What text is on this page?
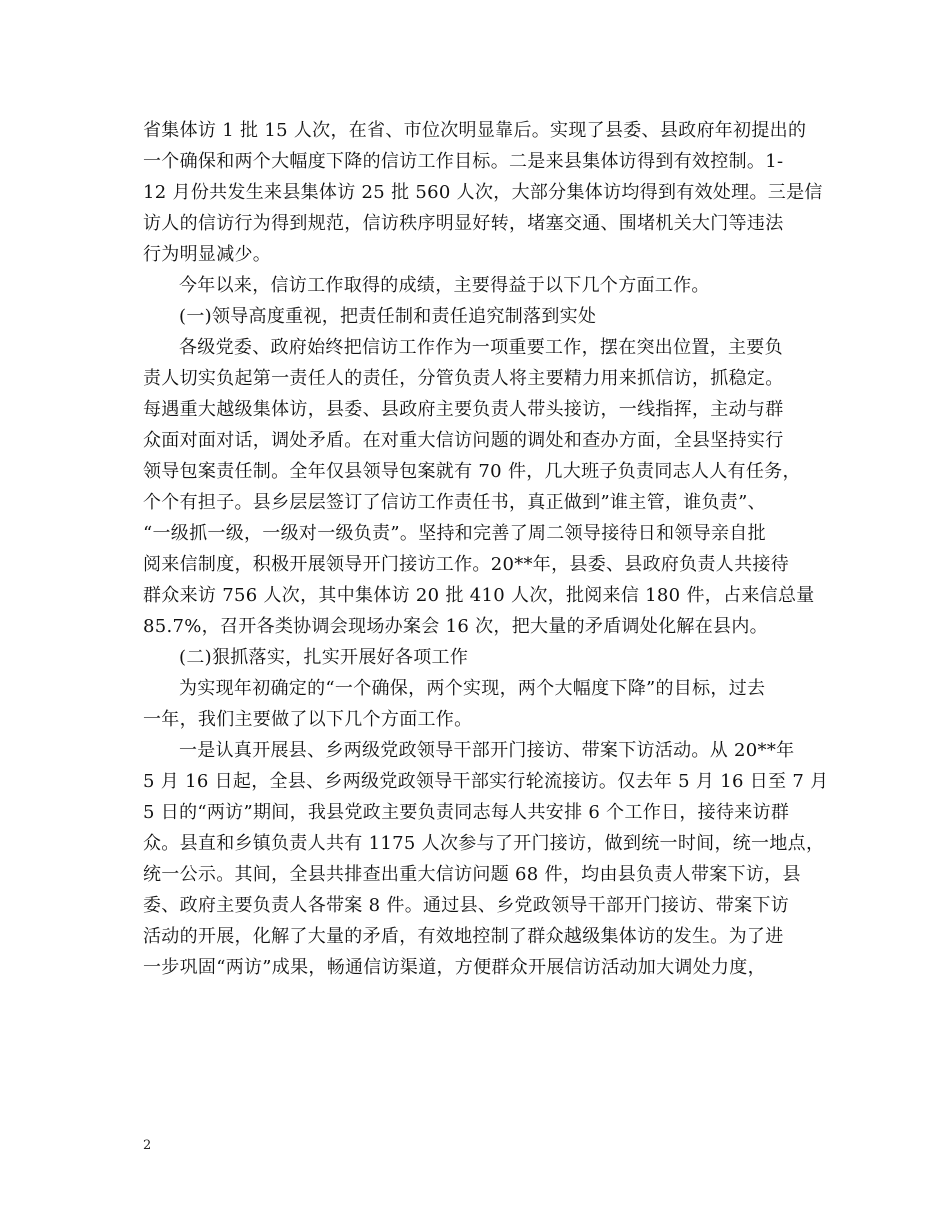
省集体访 1 批 15 人次，在省、市位次明显靠后。实现了县委、县政府年初提出的
一个确保和两个大幅度下降的信访工作目标。二是来县集体访得到有效控制。1-
12 月份共发生来县集体访 25 批 560 人次，大部分集体访均得到有效处理。三是信
访人的信访行为得到规范，信访秩序明显好转，堵塞交通、围堵机关大门等违法
行为明显减少。
今年以来，信访工作取得的成绩，主要得益于以下几个方面工作。
(一)领导高度重视，把责任制和责任追究制落到实处
各级党委、政府始终把信访工作作为一项重要工作，摆在突出位置，主要负
责人切实负起第一责任人的责任，分管负责人将主要精力用来抓信访，抓稳定。
每遇重大越级集体访，县委、县政府主要负责人带头接访，一线指挥，主动与群
众面对面对话，调处矛盾。在对重大信访问题的调处和查办方面，全县坚持实行
领导包案责任制。全年仅县领导包案就有 70 件，几大班子负责同志人人有任务，
个个有担子。县乡层层签订了信访工作责任书，真正做到”谁主管，谁负责”、
“一级抓一级，一级对一级负责”。坚持和完善了周二领导接待日和领导亲自批
阅来信制度，积极开展领导开门接访工作。20**年，县委、县政府负责人共接待
群众来访 756 人次，其中集体访 20 批 410 人次，批阅来信 180 件，占来信总量
85.7%，召开各类协调会现场办案会 16 次，把大量的矛盾调处化解在县内。
(二)狠抓落实，扎实开展好各项工作
为实现年初确定的“一个确保，两个实现，两个大幅度下降”的目标，过去
一年，我们主要做了以下几个方面工作。
一是认真开展县、乡两级党政领导干部开门接访、带案下访活动。从 20**年
5 月 16 日起，全县、乡两级党政领导干部实行轮流接访。仅去年 5 月 16 日至 7 月
5 日的“两访”期间，我县党政主要负责同志每人共安排 6 个工作日，接待来访群
众。县直和乡镇负责人共有 1175 人次参与了开门接访，做到统一时间，统一地点，
统一公示。其间，全县共排查出重大信访问题 68 件，均由县负责人带案下访，县
委、政府主要负责人各带案 8 件。通过县、乡党政领导干部开门接访、带案下访
活动的开展，化解了大量的矛盾，有效地控制了群众越级集体访的发生。为了进
一步巩固“两访”成果，畅通信访渠道，方便群众开展信访活动加大调处力度，
2
